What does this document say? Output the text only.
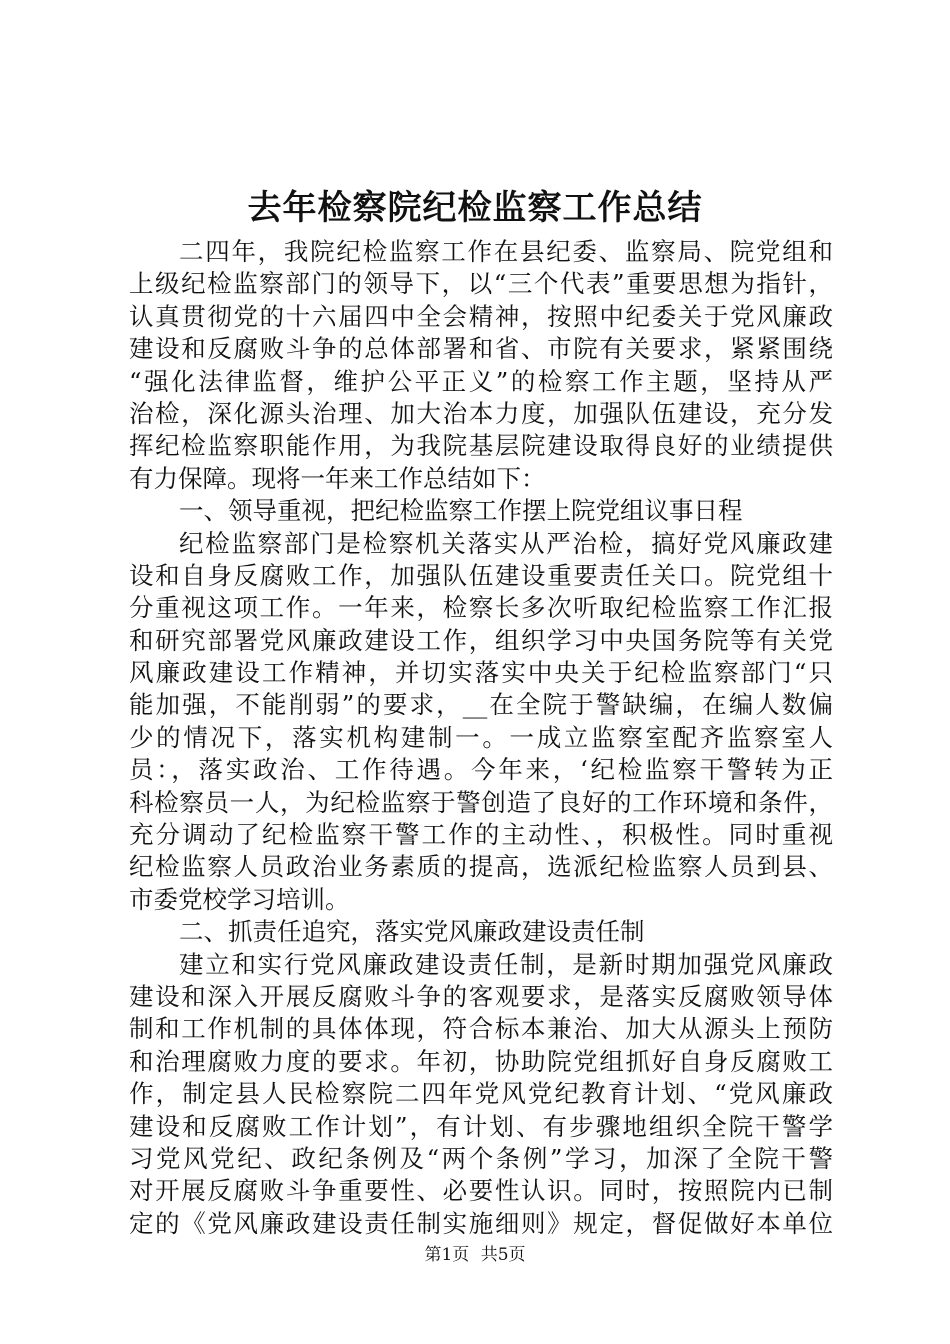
去年检察院纪检监察工作总结
二四年，我院纪检监察工作在县纪委、监察局、院党组和
上级纪检监察部门的领导下，以“三个代表”重要思想为指针，
认真贯彻党的十六届四中全会精神，按照中纪委关于党风廉政
建设和反腐败斗争的总体部署和省、市院有关要求，紧紧围绕
“强化法律监督，维护公平正义”的检察工作主题，坚持从严
治检，深化源头治理、加大治本力度，加强队伍建设，充分发
挥纪检监察职能作用，为我院基层院建设取得良好的业绩提供
有力保障。现将一年来工作总结如下：
一、领导重视，把纪检监察工作摆上院党组议事日程
纪检监察部门是检察机关落实从严治检，搞好党风廉政建
设和自身反腐败工作，加强队伍建设重要责任关口。院党组十
分重视这项工作。一年来，检察长多次听取纪检监察工作汇报
和研究部署党风廉政建设工作，组织学习中央国务院等有关党
风廉政建设工作精神，并切实落实中央关于纪检监察部门“只
能加强，不能削弱”的要求，__在全院于警缺编，在编人数偏
少的情况下，落实机构建制一。一成立监察室配齐监察室人
员：，落实政治、工作待遇。今年来，‘纪检监察干警转为正
科检察员一人，为纪检监察于警创造了良好的工作环境和条件，
充分调动了纪检监察干警工作的主动性、，积极性。同时重视
纪检监察人员政治业务素质的提高，选派纪检监察人员到县、
市委党校学习培训。
二、抓责任追究，落实党风廉政建设责任制
建立和实行党风廉政建设责任制，是新时期加强党风廉政
建设和深入开展反腐败斗争的客观要求，是落实反腐败领导体
制和工作机制的具体体现，符合标本兼治、加大从源头上预防
和治理腐败力度的要求。年初，协助院党组抓好自身反腐败工
作，制定县人民检察院二四年党风党纪教育计划、“党风廉政
建设和反腐败工作计划”，有计划、有步骤地组织全院干警学
习党风党纪、政纪条例及“两个条例”学习，加深了全院干警
对开展反腐败斗争重要性、必要性认识。同时，按照院内已制
定的《党风廉政建设责任制实施细则》规定，督促做好本单位
第1页 共5页
